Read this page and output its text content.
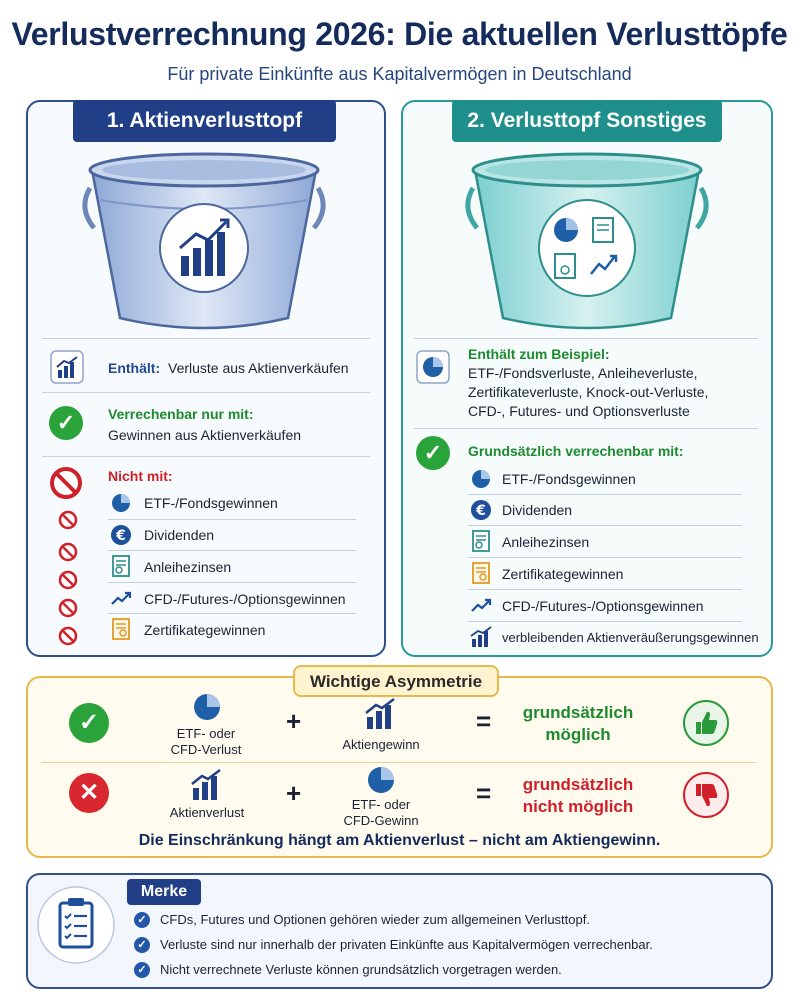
Verlustverrechnung 2026: Die aktuellen Verlusttöpfe
Für private Einkünfte aus Kapitalvermögen in Deutschland
1. Aktienverlusttopf	2. Verlusttopf Sonstiges
Enthält: Verluste aus Aktienverkäufen
✓	Verrechenbar nur mit:
Gewinnen aus Aktienverkäufen
Nicht mit:
ETF-/Fondsgewinnen
€ Dividenden
Anleihezinsen
CFD-/Futures-/Optionsgewinnen
Zertifikategewinnen
Enthält zum Beispiel:
ETF-/Fondsverluste, Anleiheverluste,
Zertifikateverluste, Knock-out-Verluste,
CFD-, Futures- und Optionsverluste
✓	Grundsätzlich verrechenbar mit:
ETF-/Fondsgewinnen
€ Dividenden
Anleihezinsen
Zertifikategewinnen
CFD-/Futures-/Optionsgewinnen
verbleibenden Aktienveräußerungsgewinnen
Wichtige Asymmetrie
✓	ETF- oder
CFD-Verlust
+
Aktiengewinn
=	grundsätzlich
möglich
✕
Aktienverlust
+	ETF- oder
CFD-Gewinn
=	grundsätzlich
nicht möglich
Die Einschränkung hängt am Aktienverlust – nicht am Aktiengewinn.
Merke
✓ CFDs, Futures und Optionen gehören wieder zum allgemeinen Verlusttopf.
✓ Verluste sind nur innerhalb der privaten Einkünfte aus Kapitalvermögen verrechenbar.
✓ Nicht verrechnete Verluste können grundsätzlich vorgetragen werden.
